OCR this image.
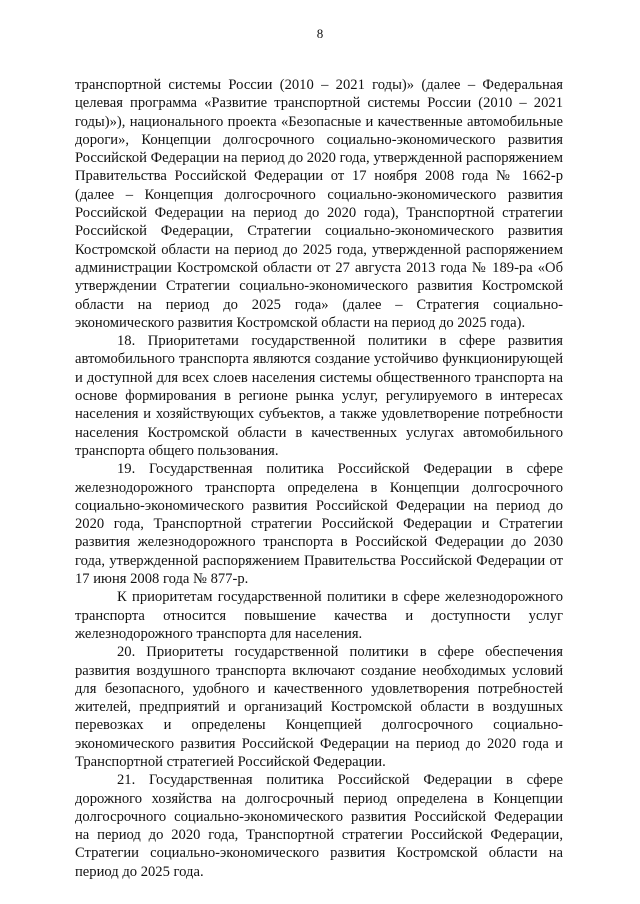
8

транспортной системы России (2010 – 2021 годы)» (далее – Федеральная целевая программа «Развитие транспортной системы России (2010 – 2021 годы)»), национального проекта «Безопасные и качественные автомобильные дороги», Концепции долгосрочного социально-экономического развития Российской Федерации на период до 2020 года, утвержденной распоряжением Правительства Российской Федерации от 17 ноября 2008 года № 1662-р (далее – Концепция долгосрочного социально-экономического развития Российской Федерации на период до 2020 года), Транспортной стратегии Российской Федерации, Стратегии социально-экономического развития Костромской области на период до 2025 года, утвержденной распоряжением администрации Костромской области от 27 августа 2013 года № 189-ра «Об утверждении Стратегии социально-экономического развития Костромской области на период до 2025 года» (далее – Стратегия социально-экономического развития Костромской области на период до 2025 года).

18. Приоритетами государственной политики в сфере развития автомобильного транспорта являются создание устойчиво функционирующей и доступной для всех слоев населения системы общественного транспорта на основе формирования в регионе рынка услуг, регулируемого в интересах населения и хозяйствующих субъектов, а также удовлетворение потребности населения Костромской области в качественных услугах автомобильного транспорта общего пользования.

19. Государственная политика Российской Федерации в сфере железнодорожного транспорта определена в Концепции долгосрочного социально-экономического развития Российской Федерации на период до 2020 года, Транспортной стратегии Российской Федерации и Стратегии развития железнодорожного транспорта в Российской Федерации до 2030 года, утвержденной распоряжением Правительства Российской Федерации от 17 июня 2008 года № 877-р.

К приоритетам государственной политики в сфере железнодорожного транспорта относится повышение качества и доступности услуг железнодорожного транспорта для населения.

20. Приоритеты государственной политики в сфере обеспечения развития воздушного транспорта включают создание необходимых условий для безопасного, удобного и качественного удовлетворения потребностей жителей, предприятий и организаций Костромской области в воздушных перевозках и определены Концепцией долгосрочного социально-экономического развития Российской Федерации на период до 2020 года и Транспортной стратегией Российской Федерации.

21. Государственная политика Российской Федерации в сфере дорожного хозяйства на долгосрочный период определена в Концепции долгосрочного социально-экономического развития Российской Федерации на период до 2020 года, Транспортной стратегии Российской Федерации, Стратегии социально-экономического развития Костромской области на период до 2025 года.
